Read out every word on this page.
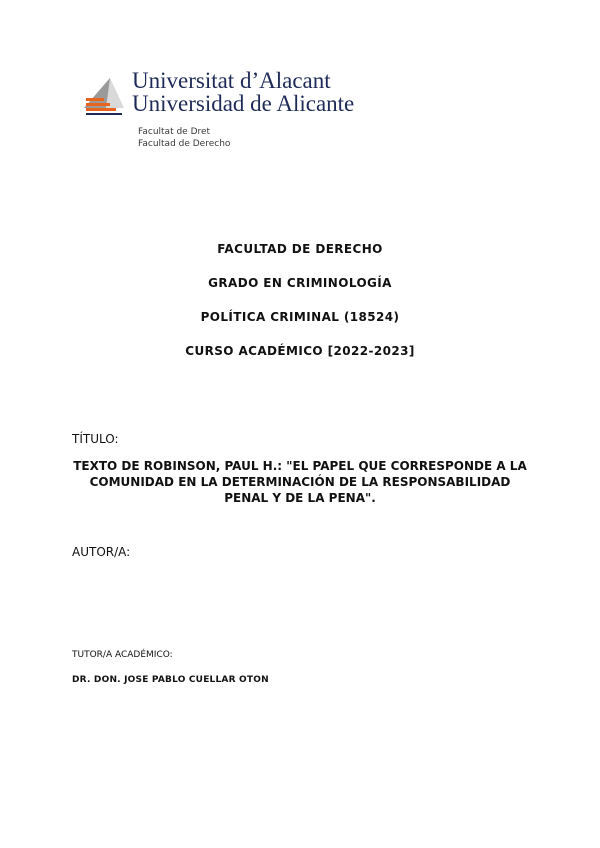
Universitat d’Alacant
Universidad de Alicante
Facultat de Dret
Facultad de Derecho
FACULTAD DE DERECHO
GRADO EN CRIMINOLOGÍA
POLÍTICA CRIMINAL (18524)
CURSO ACADÉMICO [2022-2023]
TÍTULO:
TEXTO DE ROBINSON, PAUL H.: "EL PAPEL QUE CORRESPONDE A LA COMUNIDAD EN LA DETERMINACIÓN DE LA RESPONSABILIDAD PENAL Y DE LA PENA".
AUTOR/A:
TUTOR/A ACADÉMICO:
DR. DON. JOSE PABLO CUELLAR OTON
